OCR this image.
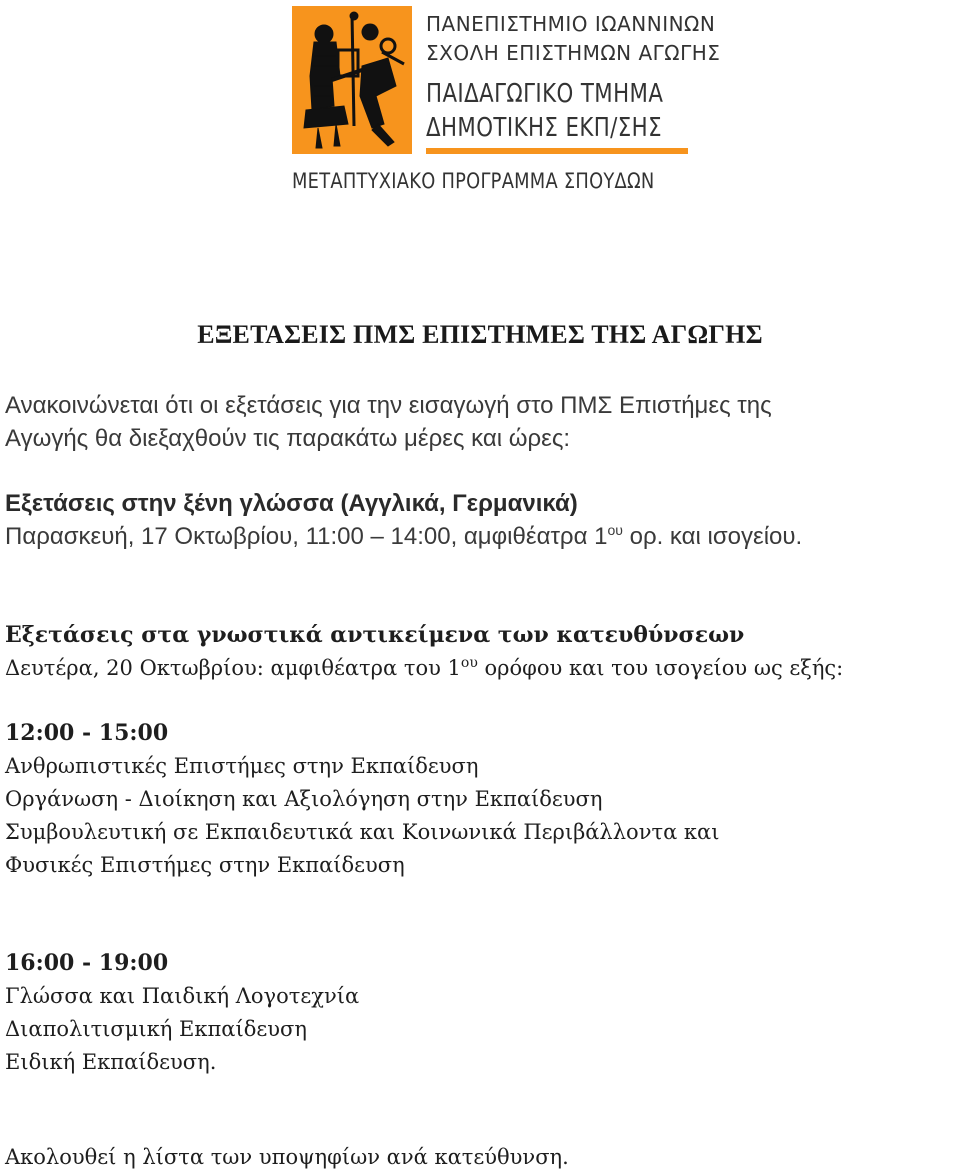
ΠΑΝΕΠΙΣΤΗΜΙΟ ΙΩΑΝΝΙΝΩΝ
ΣΧΟΛΗ ΕΠΙΣΤΗΜΩΝ ΑΓΩΓΗΣ
ΠΑΙΔΑΓΩΓΙΚΟ ΤΜΗΜΑ
ΔΗΜΟΤΙΚΗΣ ΕΚΠ/ΣΗΣ
ΜΕΤΑΠΤΥΧΙΑΚΟ ΠΡΟΓΡΑΜΜΑ ΣΠΟΥΔΩΝ
ΕΞΕΤΑΣΕΙΣ ΠΜΣ ΕΠΙΣΤΗΜΕΣ ΤΗΣ ΑΓΩΓΗΣ
Ανακοινώνεται ότι οι εξετάσεις για την εισαγωγή στο ΠΜΣ Επιστήμες της
Αγωγής θα διεξαχθούν τις παρακάτω μέρες και ώρες:
Εξετάσεις στην ξένη γλώσσα (Αγγλικά, Γερμανικά)
Παρασκευή, 17 Οκτωβρίου, 11:00 – 14:00, αμφιθέατρα $1^{o\upsilon}$ ορ. και ισογείου.
Εξετάσεις στα γνωστικά αντικείμενα των κατευθύνσεων
Δευτέρα, 20 Οκτωβρίου: αμφιθέατρα του $1^{o\upsilon}$ ορόφου και του ισογείου ως εξής:
12:00 - 15:00
Ανθρωπιστικές Επιστήμες στην Εκπαίδευση
Οργάνωση - Διοίκηση και Αξιολόγηση στην Εκπαίδευση
Συμβουλευτική σε Εκπαιδευτικά και Κοινωνικά Περιβάλλοντα και
Φυσικές Επιστήμες στην Εκπαίδευση
16:00 - 19:00
Γλώσσα και Παιδική Λογοτεχνία
Διαπολιτισμική Εκπαίδευση
Ειδική Εκπαίδευση.
Ακολουθεί η λίστα των υποψηφίων ανά κατεύθυνση.
